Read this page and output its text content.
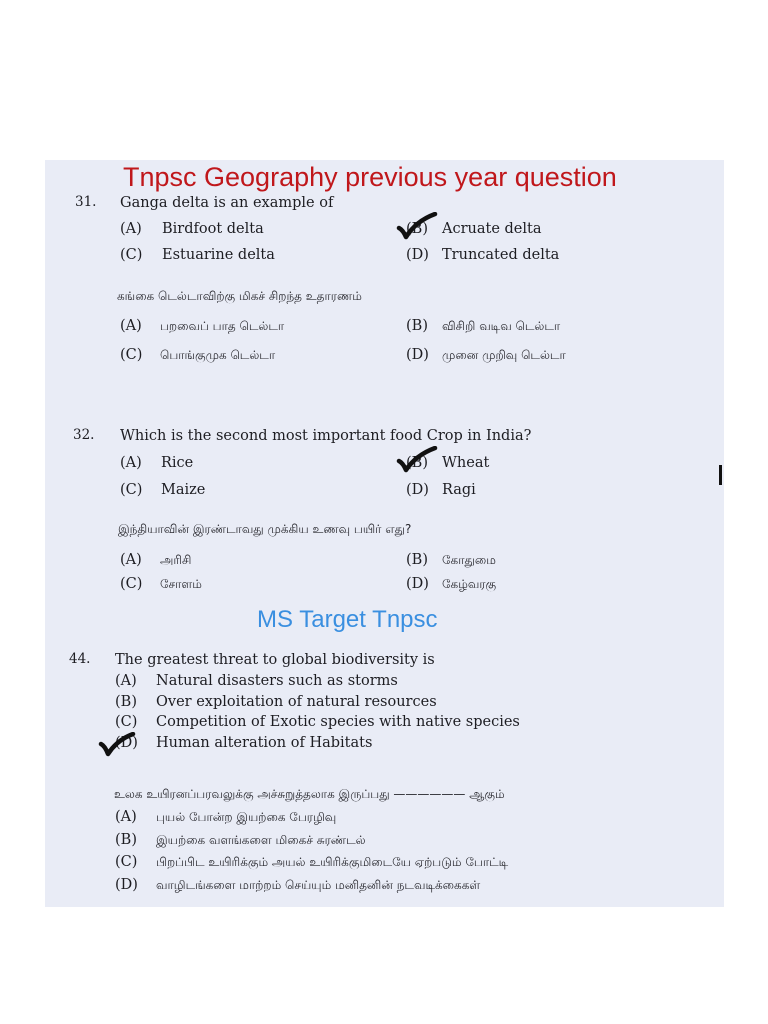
Tnpsc Geography previous year question
31. Ganga delta is an example of
(A) Birdfoot delta	(B) Acruate delta
(C) Estuarine delta	(D) Truncated delta
கங்கை டெல்டாவிற்கு மிகச் சிறந்த உதாரணம்
(A) பறவைப் பாத டெல்டா	(B) விசிறி வடிவ டெல்டா
(C) பொங்குமுக டெல்டா	(D) முனை முறிவு டெல்டா
32. Which is the second most important food Crop in India?
(A) Rice	(B) Wheat
(C) Maize	(D) Ragi
இந்தியாவின் இரண்டாவது முக்கிய உணவு பயிர் எது?
(A) அரிசி	(B) கோதுமை
(C) சோளம்	(D) கேழ்வரகு
MS Target Tnpsc
44. The greatest threat to global biodiversity is
(A) Natural disasters such as storms
(B) Over exploitation of natural resources
(C) Competition of Exotic species with native species
(D) Human alteration of Habitats
உலக உயிரனப்பரவலுக்கு அச்சுறுத்தலாக இருப்பது —————— ஆகும்
(A) புயல் போன்ற இயற்கை பேரழிவு
(B) இயற்கை வளங்களை மிகைச் சுரண்டல்
(C) பிறப்பிட உயிரிக்கும் அயல் உயிரிக்குமிடையே ஏற்படும் போட்டி
(D) வாழிடங்களை மாற்றம் செய்யும் மனிதனின் நடவடிக்கைகள்
